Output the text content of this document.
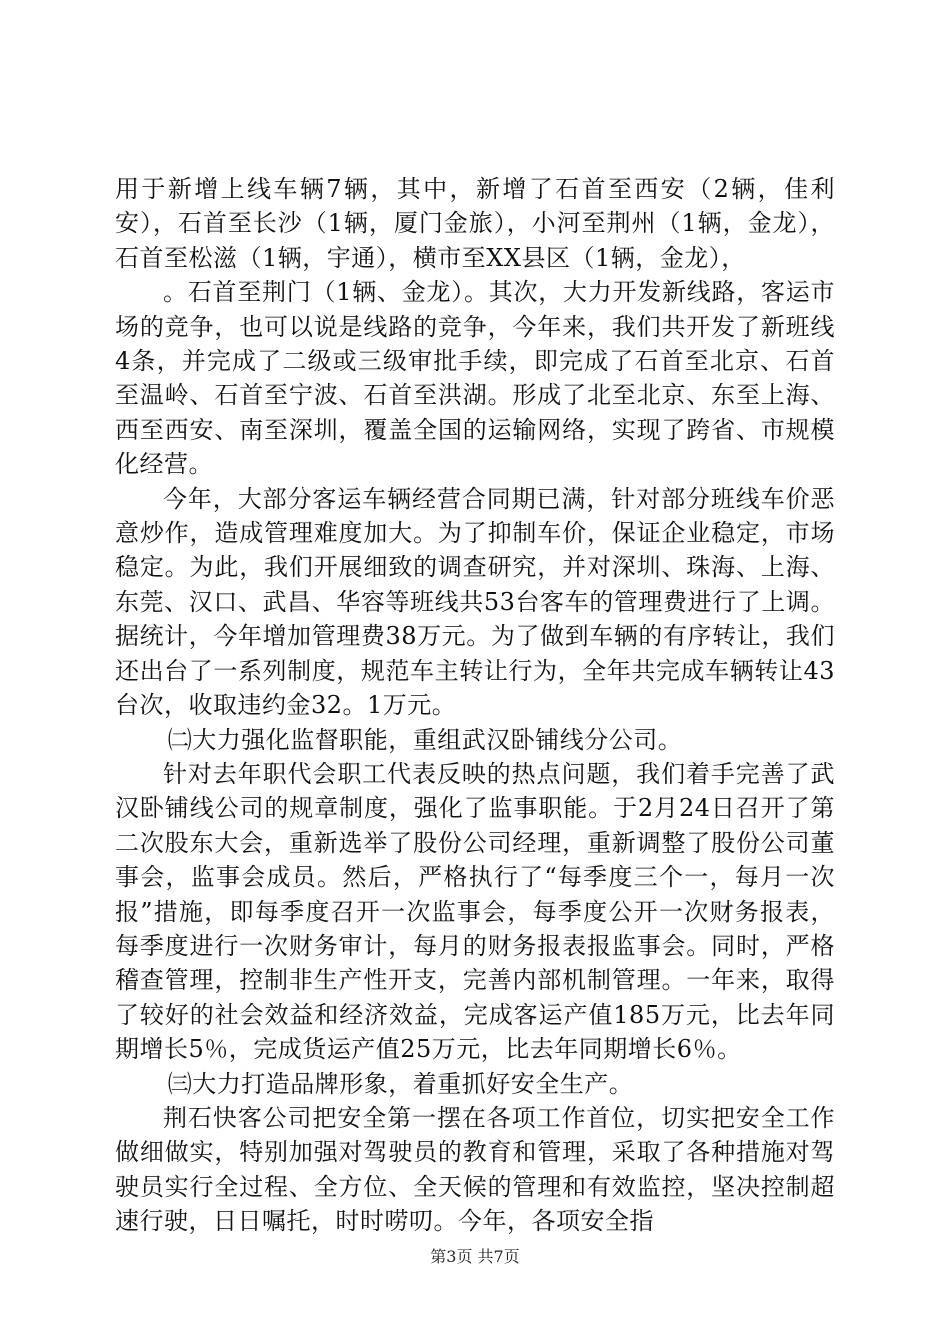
用于新增上线车辆7辆，其中，新增了石首至西安（2辆，佳利安），石首至长沙（1辆，厦门金旅），小河至荆州（1辆，金龙），石首至松滋（1辆，宇通），横市至XX县区（1辆，金龙），

。石首至荆门（1辆、金龙）。其次，大力开发新线路，客运市场的竞争，也可以说是线路的竞争，今年来，我们共开发了新班线4条，并完成了二级或三级审批手续，即完成了石首至北京、石首至温岭、石首至宁波、石首至洪湖。形成了北至北京、东至上海、西至西安、南至深圳，覆盖全国的运输网络，实现了跨省、市规模化经营。

今年，大部分客运车辆经营合同期已满，针对部分班线车价恶意炒作，造成管理难度加大。为了抑制车价，保证企业稳定，市场稳定。为此，我们开展细致的调查研究，并对深圳、珠海、上海、东莞、汉口、武昌、华容等班线共53台客车的管理费进行了上调。据统计，今年增加管理费38万元。为了做到车辆的有序转让，我们还出台了一系列制度，规范车主转让行为，全年共完成车辆转让43台次，收取违约金32。1万元。

㈡大力强化监督职能，重组武汉卧铺线分公司。

针对去年职代会职工代表反映的热点问题，我们着手完善了武汉卧铺线公司的规章制度，强化了监事职能。于2月24日召开了第二次股东大会，重新选举了股份公司经理，重新调整了股份公司董事会，监事会成员。然后，严格执行了“每季度三个一，每月一次报”措施，即每季度召开一次监事会，每季度公开一次财务报表，每季度进行一次财务审计，每月的财务报表报监事会。同时，严格稽查管理，控制非生产性开支，完善内部机制管理。一年来，取得了较好的社会效益和经济效益，完成客运产值185万元，比去年同期增长5％，完成货运产值25万元，比去年同期增长6％。

㈢大力打造品牌形象，着重抓好安全生产。

荆石快客公司把安全第一摆在各项工作首位，切实把安全工作做细做实，特别加强对驾驶员的教育和管理，采取了各种措施对驾驶员实行全过程、全方位、全天候的管理和有效监控，坚决控制超速行驶，日日嘱托，时时唠叨。今年，各项安全指

第3页 共7页
